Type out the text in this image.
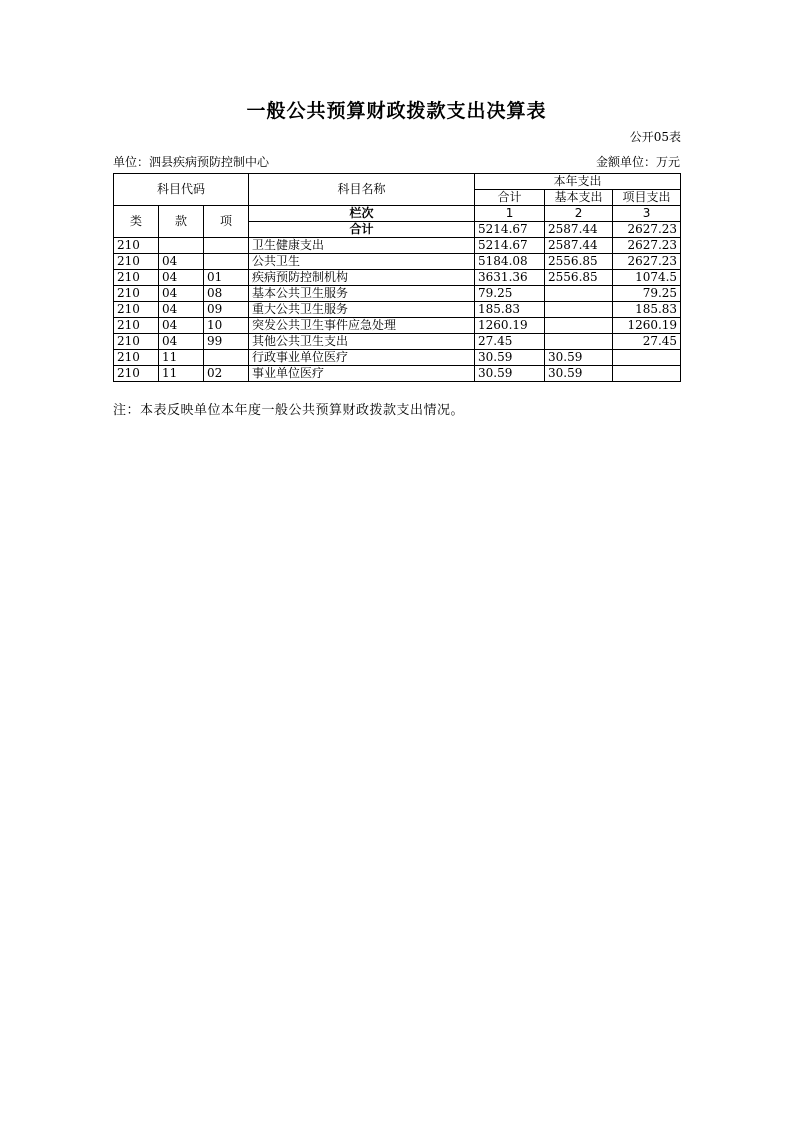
一般公共预算财政拨款支出决算表
公开05表
单位：泗县疾病预防控制中心	金额单位：万元
科目代码			科目名称	本年支出		
				合计	基本支出	项目支出
类	款	项	栏次	1	2	3
			合计	5214.67	2587.44	2627.23
210			卫生健康支出	5214.67	2587.44	2627.23
210	04		公共卫生	5184.08	2556.85	2627.23
210	04	01	疾病预防控制机构	3631.36	2556.85	1074.5
210	04	08	基本公共卫生服务	79.25		79.25
210	04	09	重大公共卫生服务	185.83		185.83
210	04	10	突发公共卫生事件应急处理	1260.19		1260.19
210	04	99	其他公共卫生支出	27.45		27.45
210	11		行政事业单位医疗	30.59	30.59	
210	11	02	事业单位医疗	30.59	30.59	
注：本表反映单位本年度一般公共预算财政拨款支出情况。
